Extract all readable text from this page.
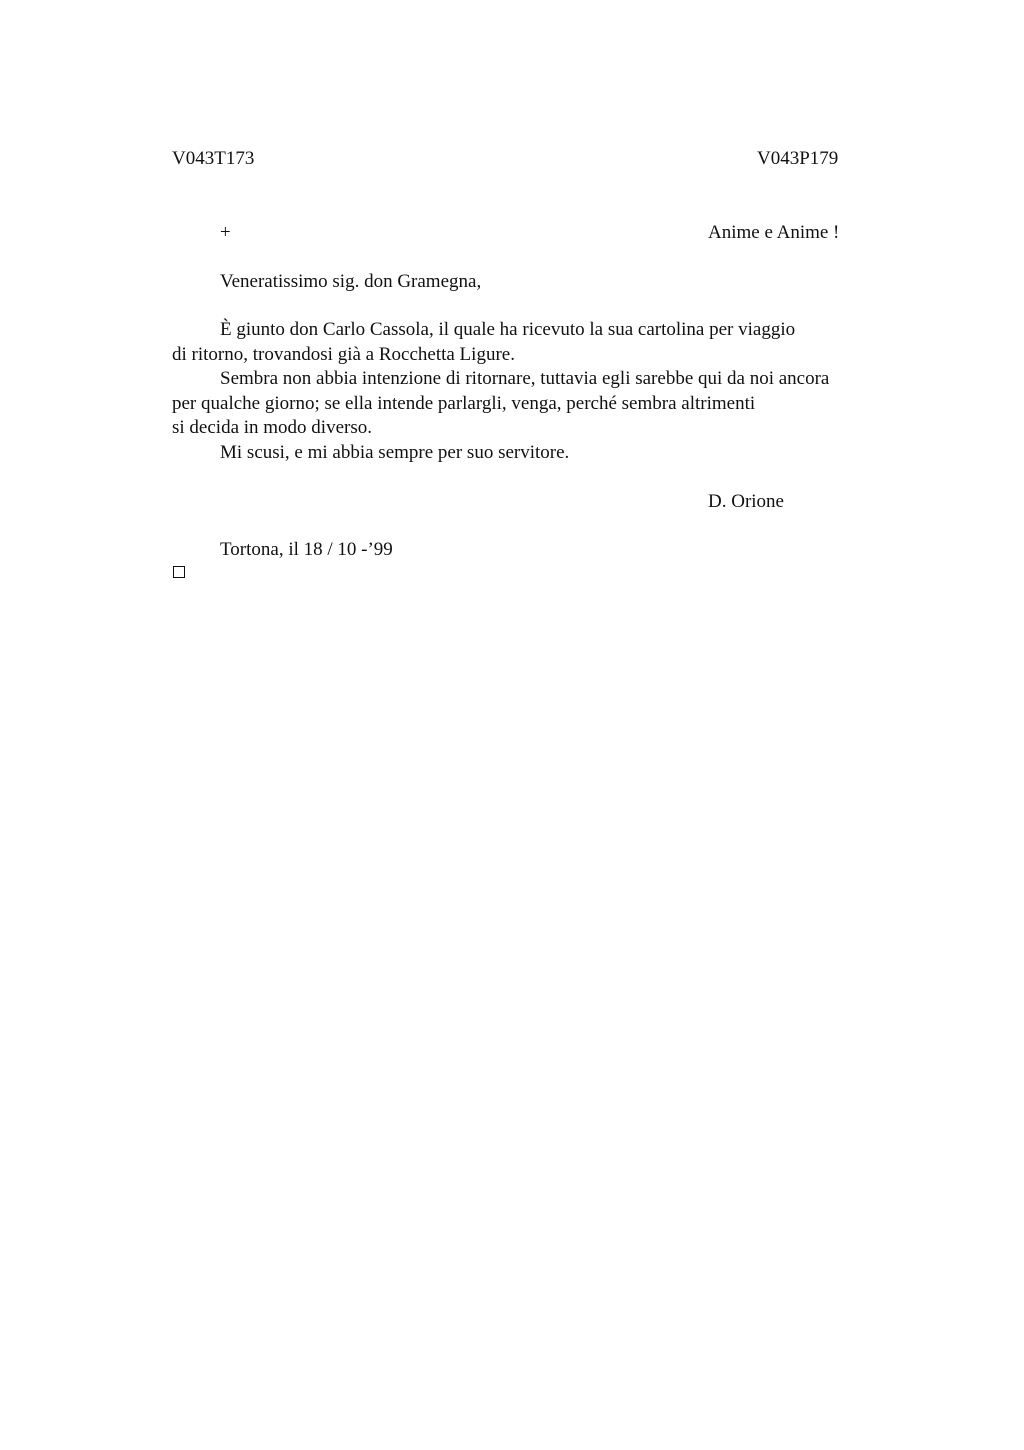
V043T173	V043P179
+	Anime e Anime !
Veneratissimo sig. don Gramegna,
È giunto don Carlo Cassola, il quale ha ricevuto la sua cartolina per viaggio
di ritorno, trovandosi già a Rocchetta Ligure.
Sembra non abbia intenzione di ritornare, tuttavia egli sarebbe qui da noi ancora
per qualche giorno; se ella intende parlargli, venga, perché sembra altrimenti
si decida in modo diverso.
Mi scusi, e mi abbia sempre per suo servitore.
D. Orione
Tortona, il 18 / 10 -’99
